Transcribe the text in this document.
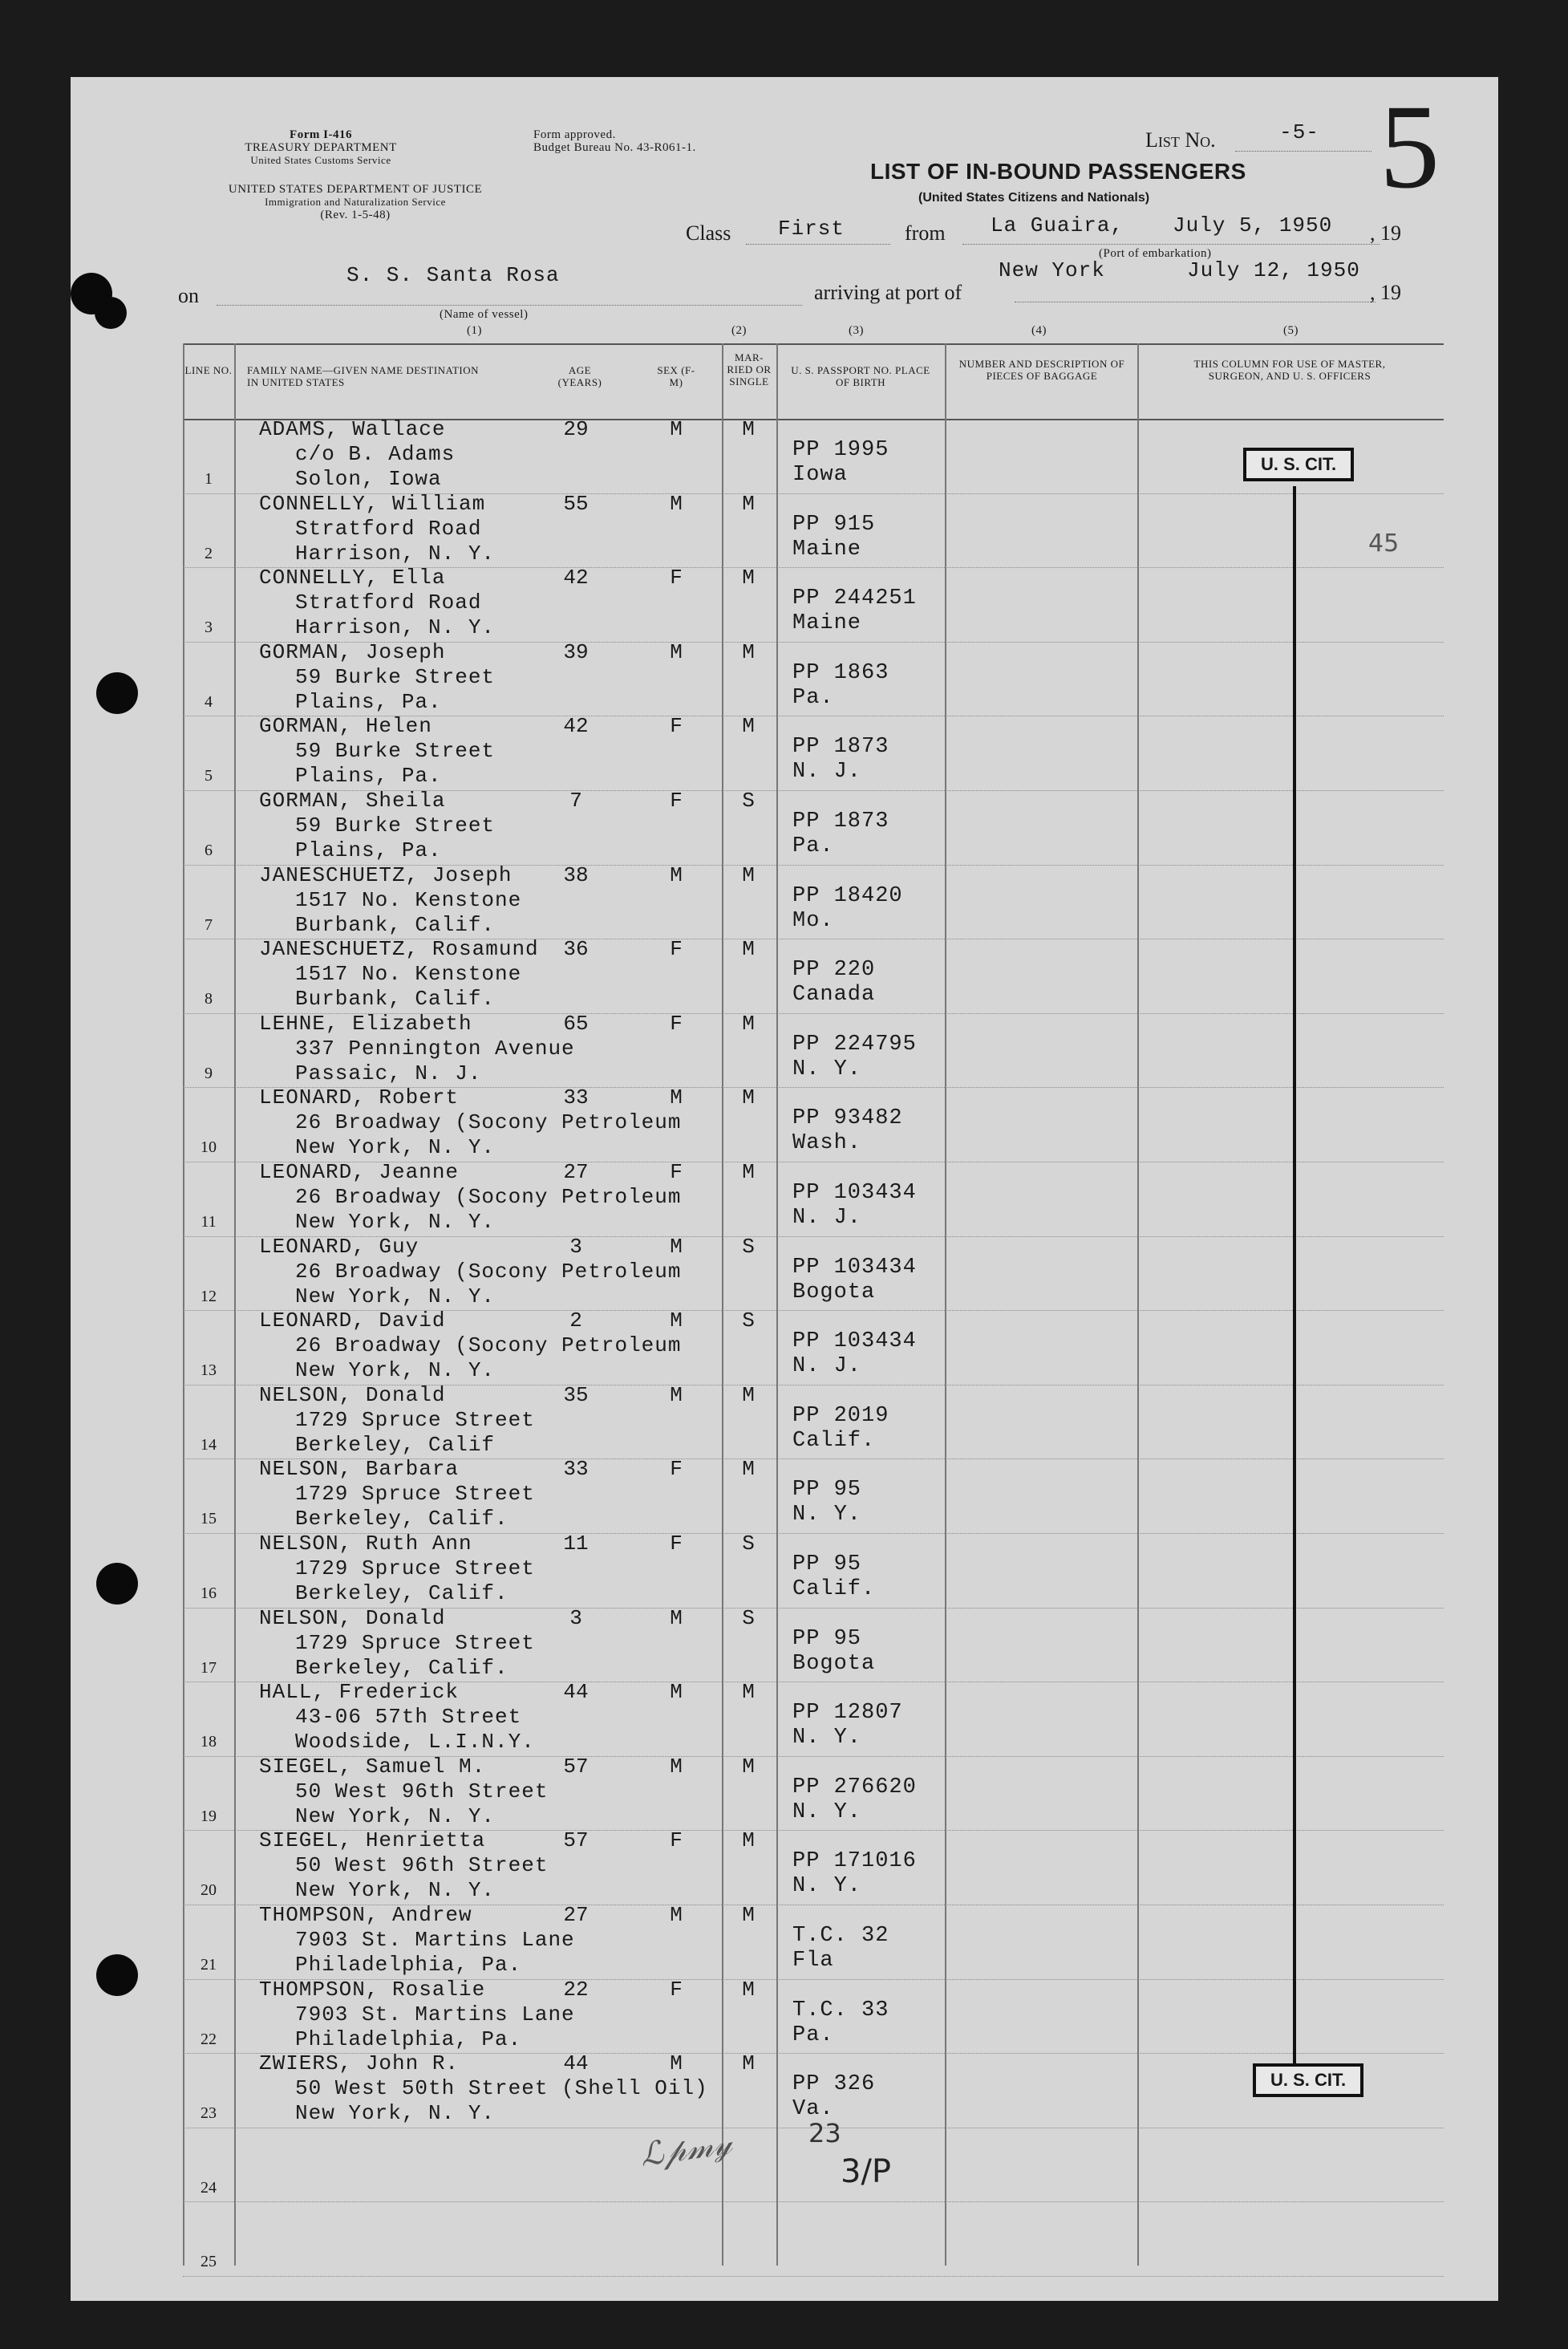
Form I-416
TREASURY DEPARTMENT
United States Customs Service
UNITED STATES DEPARTMENT OF JUSTICE
Immigration and Naturalization Service
(Rev. 1-5-48)
Form approved.
Budget Bureau No. 43-R061-1.	List No.	-5- 5
LIST OF IN-BOUND PASSENGERS
(United States Citizens and Nationals)
Class First	from La Guaira, July 5, 1950 , 19
(Port of embarkation)
on
S. S. Santa Rosa
(Name of vessel)
arriving at port of
New York	July 12, 1950
, 19
(1)	(2)	(3)	(4)	(5)
LINE NO. FAMILY NAME—GIVEN NAME DESTINATION IN UNITED STATES
AGE (YEARS)
SEX (F-M)
MAR-RIED OR SINGLE
U. S. PASSPORT NO. PLACE OF BIRTH
NUMBER AND DESCRIPTION OF PIECES OF BAGGAGE
THIS COLUMN FOR USE OF MASTER, SURGEON, AND U. S. OFFICERS
1
ADAMS, Wallace
c/o B. Adams
Solon, Iowa
29	M	M
PP 1995
Iowa
2
CONNELLY, William
Stratford Road
Harrison, N. Y.
55	M	M
PP 915
Maine
3
CONNELLY, Ella
Stratford Road
Harrison, N. Y.
42	F	M
PP 244251
Maine
4
GORMAN, Joseph
59 Burke Street
Plains, Pa.
39	M	M
PP 1863
Pa.
5
GORMAN, Helen
59 Burke Street
Plains, Pa.
42	F	M
PP 1873
N. J.
6
GORMAN, Sheila
59 Burke Street
Plains, Pa.
7	F	S
PP 1873
Pa.
7
JANESCHUETZ, Joseph
1517 No. Kenstone
Burbank, Calif.
38	M	M
PP 18420
Mo.
8
JANESCHUETZ, Rosamund
1517 No. Kenstone
Burbank, Calif.
36	F	M
PP 220
Canada
9
LEHNE, Elizabeth
337 Pennington Avenue
Passaic, N. J.
65	F	M
PP 224795
N. Y.
10
LEONARD, Robert
26 Broadway (Socony Petroleum
New York, N. Y.
33	M	M
PP 93482
Wash.
11
LEONARD, Jeanne
26 Broadway (Socony Petroleum
New York, N. Y.
27	F	M
PP 103434
N. J.
12
LEONARD, Guy
26 Broadway (Socony Petroleum
New York, N. Y.
3	M	S
PP 103434
Bogota
13
LEONARD, David
26 Broadway (Socony Petroleum
New York, N. Y.
2	M	S
PP 103434
N. J.
14
NELSON, Donald
1729 Spruce Street
Berkeley, Calif
35	M	M
PP 2019
Calif.
15
NELSON, Barbara
1729 Spruce Street
Berkeley, Calif.
33	F	M
PP 95
N. Y.
16
NELSON, Ruth Ann
1729 Spruce Street
Berkeley, Calif.
11	F	S
PP 95
Calif.
17
NELSON, Donald
1729 Spruce Street
Berkeley, Calif.
3	M	S
PP 95
Bogota
18
HALL, Frederick
43-06 57th Street
Woodside, L.I.N.Y.
44	M	M
PP 12807
N. Y.
19
SIEGEL, Samuel M.
50 West 96th Street
New York, N. Y.
57	M	M
PP 276620
N. Y.
20
SIEGEL, Henrietta
50 West 96th Street
New York, N. Y.
57	F	M
PP 171016
N. Y.
21
THOMPSON, Andrew
7903 St. Martins Lane
Philadelphia, Pa.
27	M	M
T.C. 32
Fla
22
THOMPSON, Rosalie
7903 St. Martins Lane
Philadelphia, Pa.
22	F	M
T.C. 33
Pa.
23
ZWIERS, John R.
50 West 50th Street (Shell Oil)
New York, N. Y.
44	M	M
PP 326
Va.
24
25
U. S. CIT.
U. S. CIT.
45
ℒ𝓅𝓂𝓎	23
3/P
